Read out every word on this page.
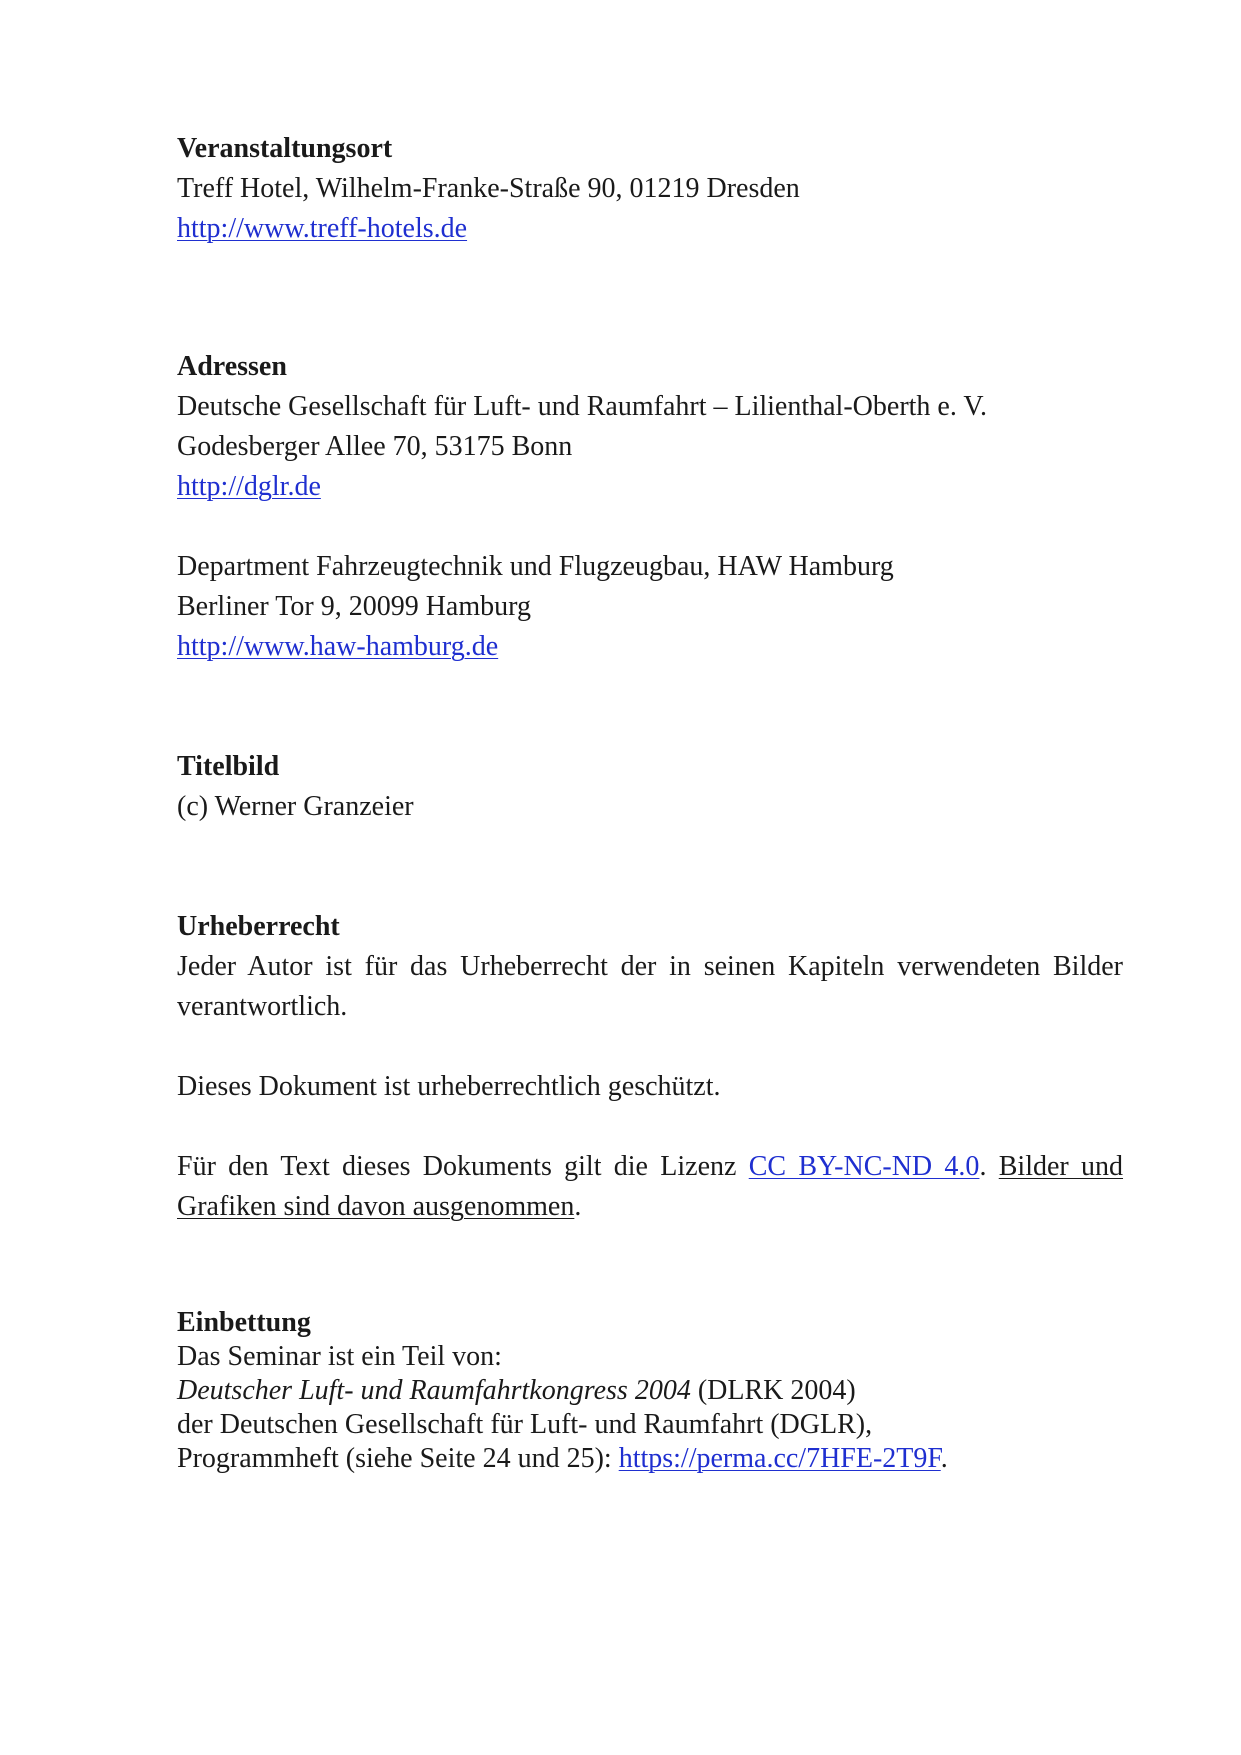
Veranstaltungsort
Treff Hotel, Wilhelm-Franke-Straße 90, 01219 Dresden
http://www.treff-hotels.de
Adressen
Deutsche Gesellschaft für Luft- und Raumfahrt – Lilienthal-Oberth e. V.
Godesberger Allee 70, 53175 Bonn
http://dglr.de
Department Fahrzeugtechnik und Flugzeugbau, HAW Hamburg
Berliner Tor 9, 20099 Hamburg
http://www.haw-hamburg.de
Titelbild
(c) Werner Granzeier
Urheberrecht
Jeder Autor ist für das Urheberrecht der in seinen Kapiteln verwendeten Bilder
verantwortlich.
Dieses Dokument ist urheberrechtlich geschützt.
Für den Text dieses Dokuments gilt die Lizenz CC BY-NC-ND 4.0. Bilder und
Grafiken sind davon ausgenommen.
Einbettung
Das Seminar ist ein Teil von:
Deutscher Luft- und Raumfahrtkongress 2004 (DLRK 2004)
der Deutschen Gesellschaft für Luft- und Raumfahrt (DGLR),
Programmheft (siehe Seite 24 und 25): https://perma.cc/7HFE-2T9F.
